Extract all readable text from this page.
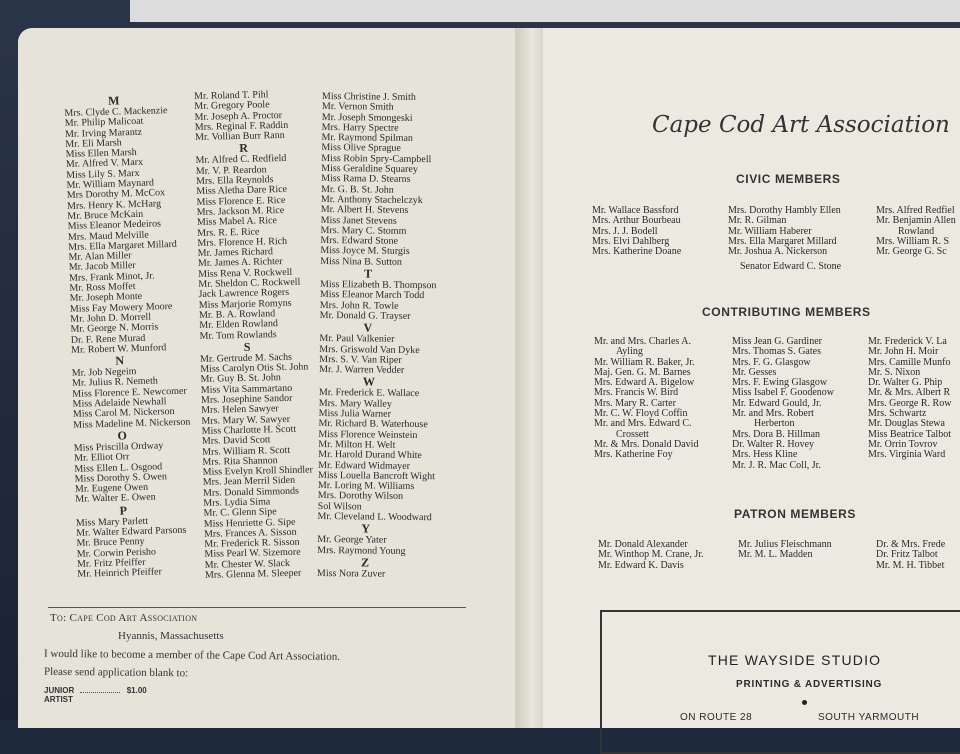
M
Mrs. Clyde C. Mackenzie
Mr. Philip Malicoat
Mr. Irving Marantz
Mr. Eli Marsh
Miss Ellen Marsh
Mr. Alfred V. Marx
Miss Lily S. Marx
Mr. William Maynard
Mrs Dorothy M. McCox
Mrs. Henry K. McHarg
Mr. Bruce McKain
Miss Eleanor Medeiros
Mrs. Maud Melville
Mrs. Ella Margaret Millard
Mr. Alan Miller
Mr. Jacob Miller
Mrs. Frank Minot, Jr.
Mr. Ross Moffet
Mr. Joseph Monte
Miss Fay Mowery Moore
Mr. John D. Morrell
Mr. George N. Morris
Dr. F. Rene Murad
Mr. Robert W. Munford
N
Mr. Job Negeim
Mr. Julius R. Nemeth
Miss Florence E. Newcomer
Miss Adelaide Newhall
Miss Carol M. Nickerson
Miss Madeline M. Nickerson
O
Miss Priscilla Ordway
Mr. Elliot Orr
Miss Ellen L. Osgood
Miss Dorothy S. Owen
Mr. Eugene Owen
Mr. Walter E. Owen
P
Miss Mary Parlett
Mr. Walter Edward Parsons
Mr. Bruce Penny
Mr. Corwin Perisho
Mr. Fritz Pfeiffer
Mr. Heinrich Pfeiffer
Mr. Roland T. Pihl
Mr. Gregory Poole
Mr. Joseph A. Proctor
Mrs. Reginal F. Raddin
Mr. Vollian Burr Rann
R
Mr. Alfred C. Redfield
Mr. V. P. Reardon
Mrs. Ella Reynolds
Miss Aletha Dare Rice
Miss Florence E. Rice
Mrs. Jackson M. Rice
Miss Mabel A. Rice
Mrs. R. E. Rice
Mrs. Florence H. Rich
Mr. James Richard
Mr. James A. Richter
Miss Rena V. Rockwell
Mr. Sheldon C. Rockwell
Jack Lawrence Rogers
Miss Marjorie Romyns
Mr. B. A. Rowland
Mr. Elden Rowland
Mr. Tom Rowlands
S
Mr. Gertrude M. Sachs
Miss Carolyn Otis St. John
Mr. Guy B. St. John
Miss Vita Sammartano
Mrs. Josephine Sandor
Mrs. Helen Sawyer
Mrs. Mary W. Sawyer
Miss Charlotte H. Scott
Mrs. David Scott
Mrs. William R. Scott
Mrs. Rita Shannon
Miss Evelyn Kroll Shindler
Mrs. Jean Merril Siden
Mrs. Donald Simmonds
Mrs. Lydia Sima
Mr. C. Glenn Sipe
Miss Henriette G. Sipe
Mrs. Frances A. Sisson
Mr. Frederick R. Sisson
Miss Pearl W. Sizemore
Mr. Chester W. Slack
Mrs. Glenna M. Sleeper
Miss Christine J. Smith
Mr. Vernon Smith
Mr. Joseph Smongeski
Mrs. Harry Spectre
Mr. Raymond Spilman
Miss Olive Sprague
Miss Robin Spry-Campbell
Miss Geraldine Squarey
Miss Rama D. Stearns
Mr. G. B. St. John
Mr. Anthony Stachelczyk
Mr. Albert H. Stevens
Miss Janet Stevens
Mrs. Mary C. Stomm
Mrs. Edward Stone
Miss Joyce M. Sturgis
Miss Nina B. Sutton
T
Miss Elizabeth B. Thompson
Miss Eleanor March Todd
Mrs. John R. Towle
Mr. Donald G. Trayser
V
Mr. Paul Valkenier
Mrs. Griswold Van Dyke
Mrs. S. V. Van Riper
Mr. J. Warren Vedder
W
Mr. Frederick E. Wallace
Mrs. Mary Walley
Miss Julia Warner
Mr. Richard B. Waterhouse
Miss Florence Weinstein
Mr. Milton H. Welt
Mr. Harold Durand White
Mr. Edward Widmayer
Miss Louella Bancroft Wight
Mr. Loring M. Williams
Mrs. Dorothy Wilson
Sol Wilson
Mr. Cleveland L. Woodward
Y
Mr. George Yater
Mrs. Raymond Young
Z
Miss Nora Zuver
To: Cape Cod Art Association
Hyannis, Massachusetts
I would like to become a member of the Cape Cod Art Association.
Please send application blank to:
JUNIOR	$1.00
ARTIST
Cape Cod Art Association
CIVIC MEMBERS
Mr. Wallace Bassford
Mrs. Arthur Bourbeau
Mrs. J. J. Bodell
Mrs. Elvi Dahlberg
Mrs. Katherine Doane
Mrs. Dorothy Hambly Ellen
Mr. R. Gilman
Mr. William Haberer
Mrs. Ella Margaret Millard
Mr. Joshua A. Nickerson
Mrs. Alfred Redfiel
Mr. Benjamin Allen
Rowland
Mrs. William R. S
Mr. George G. Sc
Senator Edward C. Stone
CONTRIBUTING MEMBERS
Mr. and Mrs. Charles A.
Ayling
Mr. William R. Baker, Jr.
Maj. Gen. G. M. Barnes
Mrs. Edward A. Bigelow
Mrs. Francis W. Bird
Mrs. Mary R. Carter
Mr. C. W. Floyd Coffin
Mr. and Mrs. Edward C.
Crossett
Mr. & Mrs. Donald David
Mrs. Katherine Foy
Miss Jean G. Gardiner
Mrs. Thomas S. Gates
Mrs. F. G. Glasgow
Mr. Gesses
Mrs. F. Ewing Glasgow
Miss Isabel F. Goodenow
Mr. Edward Gould, Jr.
Mr. and Mrs. Robert
Herberton
Mrs. Dora B. Hillman
Dr. Walter R. Hovey
Mrs. Hess Kline
Mr. J. R. Mac Coll, Jr.
Mr. Frederick V. La
Mr. John H. Moir
Mrs. Camille Munfo
Mr. S. Nixon
Dr. Walter G. Phip
Mr. & Mrs. Albert R
Mrs. George R. Row
Mrs. Schwartz
Mr. Douglas Stewa
Miss Beatrice Talbot
Mr. Orrin Tovrov
Mrs. Virginia Ward
PATRON MEMBERS
Mr. Donald Alexander
Mr. Winthop M. Crane, Jr.
Mr. Edward K. Davis
Mr. Julius Fleischmann
Mr. M. L. Madden
Dr. & Mrs. Frede
Dr. Fritz Talbot
Mr. M. H. Tibbet
THE WAYSIDE STUDIO
PRINTING & ADVERTISING
ON ROUTE 28	SOUTH YARMOUTH
